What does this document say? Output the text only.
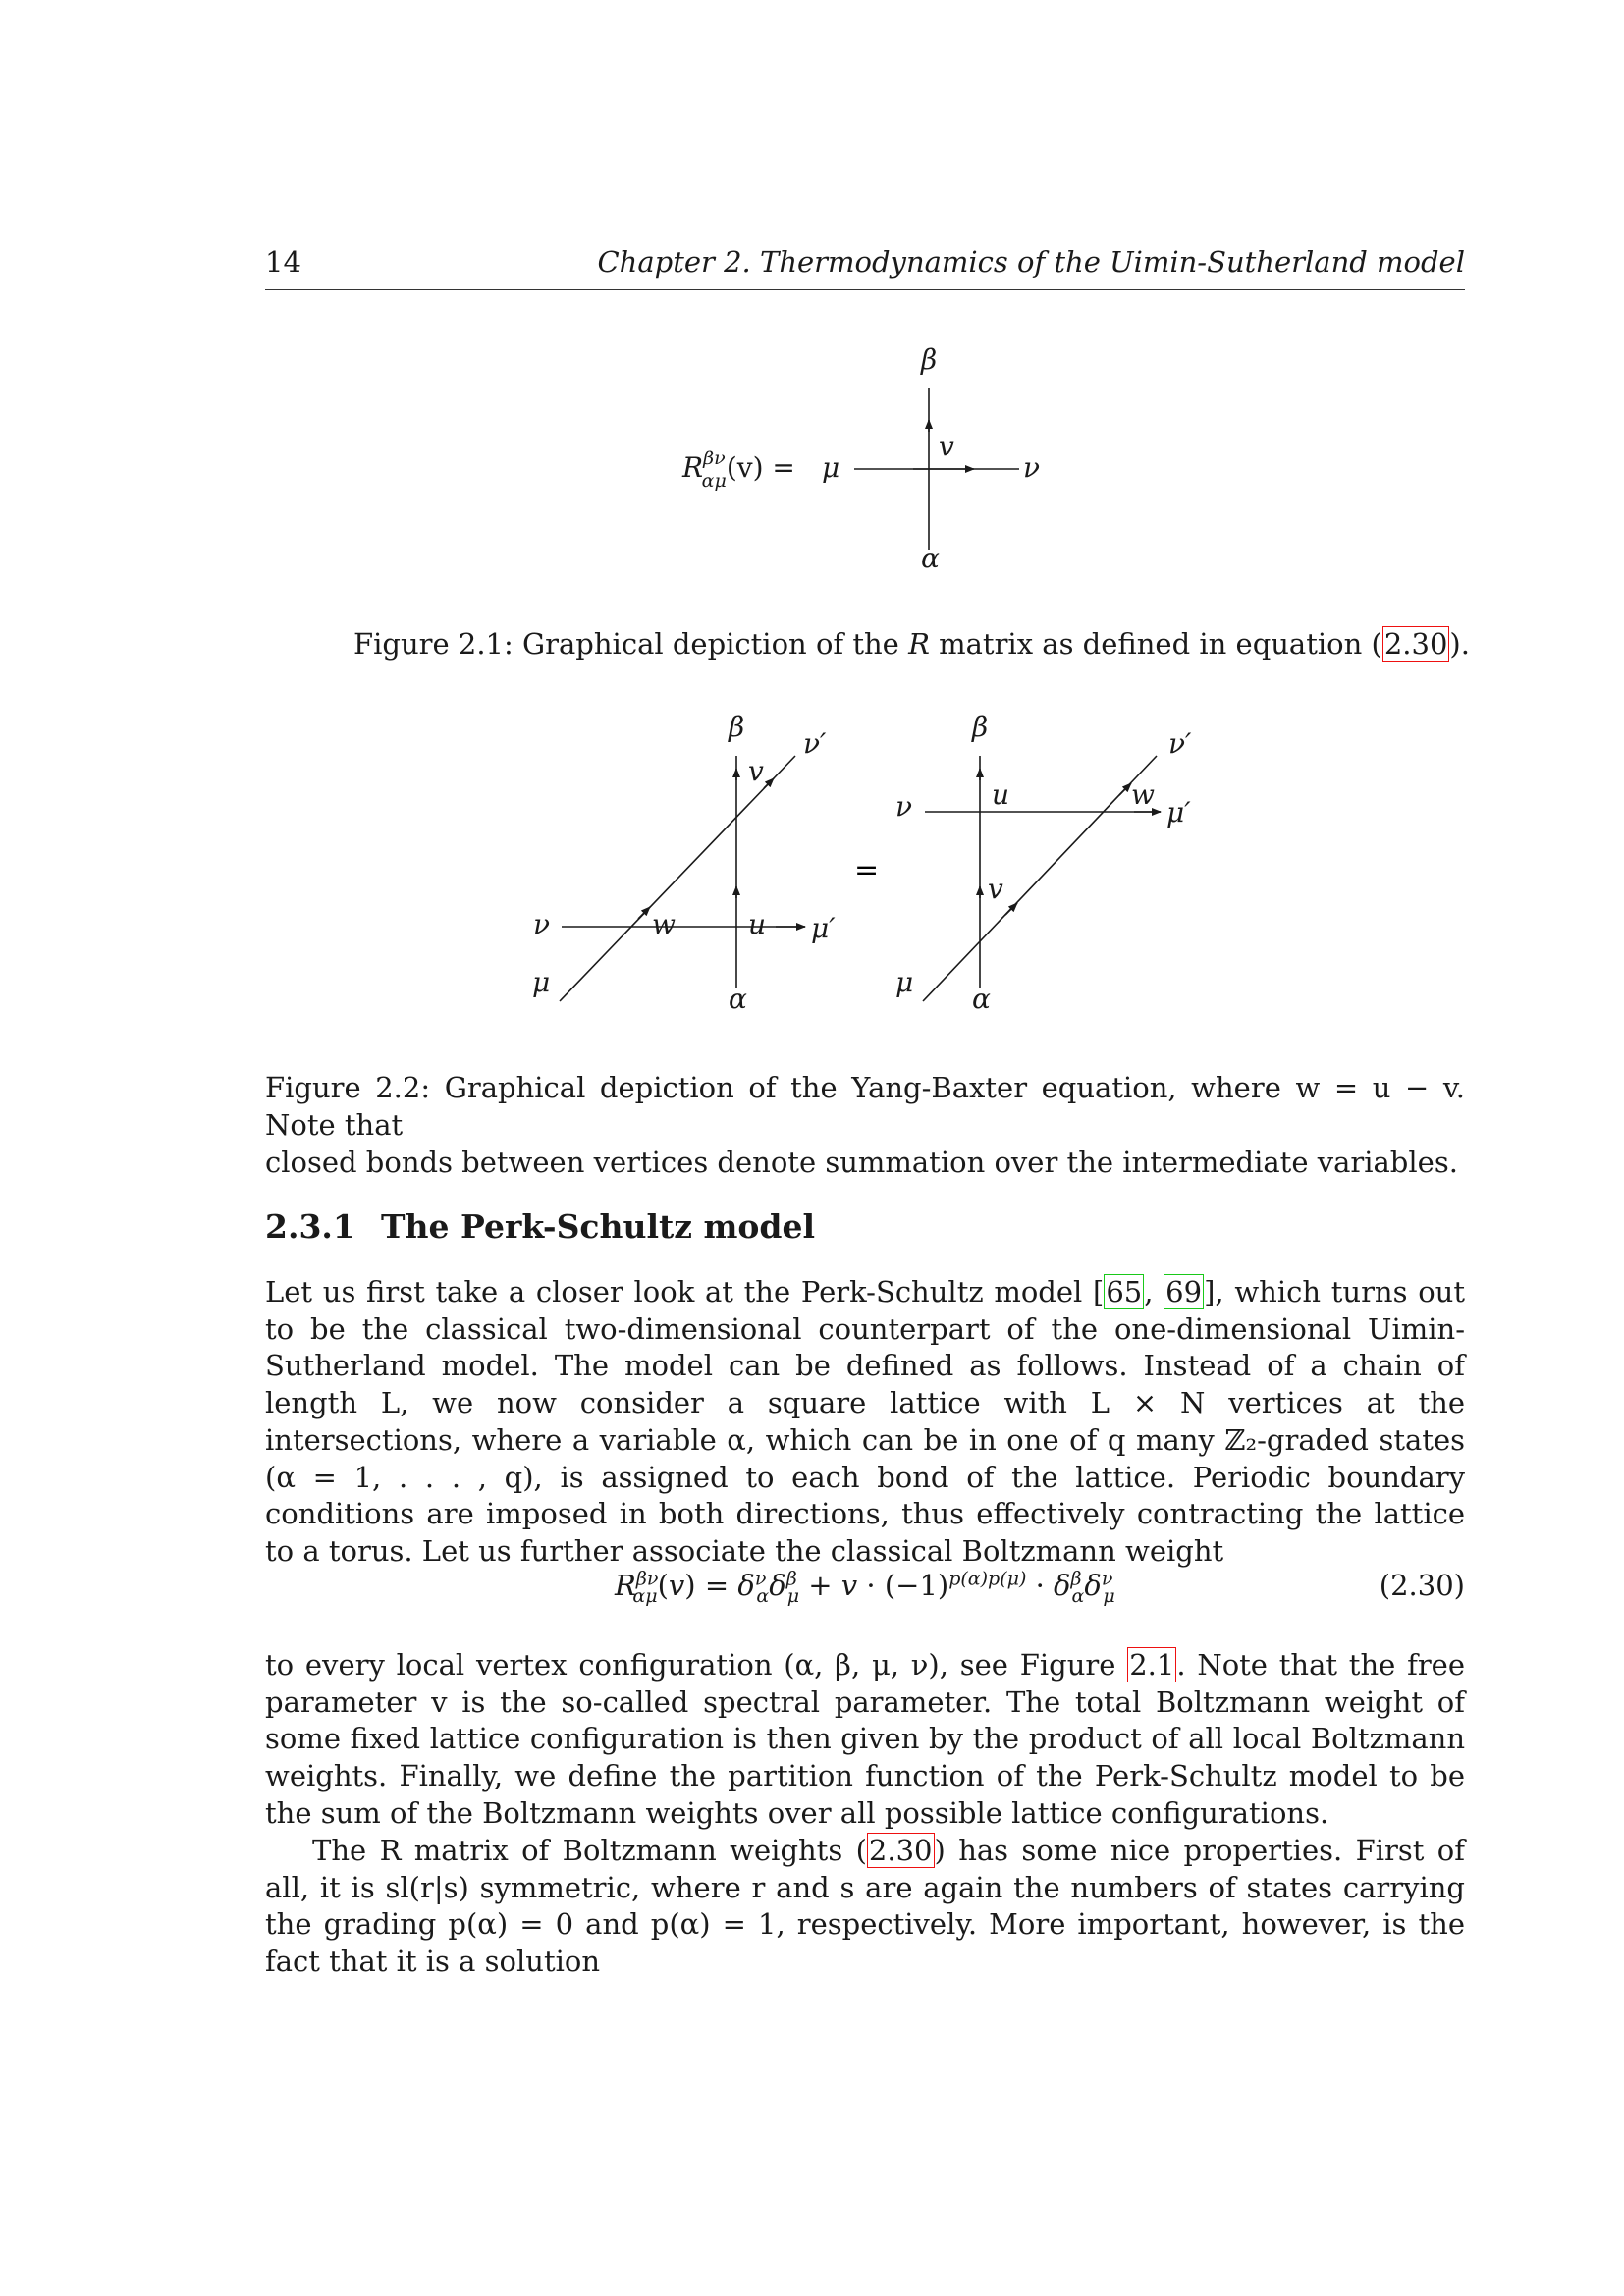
14	Chapter 2. Thermodynamics of the Uimin-Sutherland model
$R^{\beta\nu}$ αμ(v) = μ	ν
β
v
α
Figure 2.1: Graphical depiction of the R matrix as defined in equation (2.30).
β
ν′
v
w	u
ν	μ′
μ
α
=
β
ν′
ν	u	w
μ′
v
μ
α
Figure 2.2: Graphical depiction of the Yang-Baxter equation, where w = u − v. Note that
closed bonds between vertices denote summation over the intermediate variables.
2.3.1 The Perk-Schultz model
Let us first take a closer look at the Perk-Schultz model [65, 69], which turns out to be the classical two-dimensional counterpart of the one-dimensional Uimin-Sutherland model. The model can be defined as follows. Instead of a chain of length L, we now consider a square lattice with L × N vertices at the intersections, where a variable α, which can be in one of q many ℤ₂-graded states (α = 1, . . . , q), is assigned to each bond of the lattice. Periodic boundary conditions are imposed in both directions, thus effectively contracting the lattice to a torus. Let us further associate the classical Boltzmann weight
$R^{\beta\nu}_{\alpha\mu}(v) = \delta^\nu_\alpha\delta^\beta_\mu + v \cdot (-1)^{p(\alpha)p(\mu)} \cdot \delta^\beta_\alpha\delta^\nu_\mu$	(2.30)
to every local vertex configuration (α, β, μ, ν), see Figure 2.1. Note that the free parameter v is the so-called spectral parameter. The total Boltzmann weight of some fixed lattice configuration is then given by the product of all local Boltzmann weights. Finally, we define the partition function of the Perk-Schultz model to be the sum of the Boltzmann weights over all possible lattice configurations.
The R matrix of Boltzmann weights (2.30) has some nice properties. First of all, it is sl(r|s) symmetric, where r and s are again the numbers of states carrying the grading p(α) = 0 and p(α) = 1, respectively. More important, however, is the fact that it is a solution
